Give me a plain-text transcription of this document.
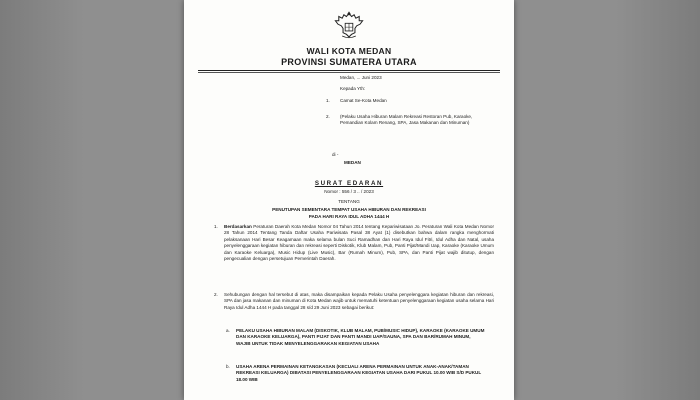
WALI KOTA MEDAN
PROVINSI SUMATERA UTARA
Medan, ... Juni 2023
Kepada Yth:
1. Camat Se-Kota Medan
2. (Pelaku Usaha Hiburan Malam Rekreasi Restoran Pub, Karaoke, Pemandian Kolam Renang, SPA, Jasa Makanan dan Minuman)
di -
MEDAN
SURAT EDARAN
Nomor : 556 / 3 .. / 2023
TENTANG
PENUTUPAN SEMENTARA TEMPAT USAHA HIBURAN DAN REKREASI
PADA HARI RAYA IDUL ADHA 1444 H
1. Berdasarkan Peraturan Daerah Kota Medan Nomor 04 Tahun 2014 tentang Kepariwisataan Jo. Peraturan Wali Kota Medan Nomor 28 Tahun 2014 Tentang Tanda Daftar Usaha Pariwisata Pasal 38 Ayat (1) disebutkan bahwa dalam rangka menghormati pelaksanaan Hari Besar Keagamaan maka selama bulan Suci Ramadhan dan Hari Raya Idul Fitri, Idul Adha dan Natal, usaha penyelenggaraan kegiatan hiburan dan rekreasi seperti Diskotik, Klub Malam, Pub, Panti Pijat/Mandi Uap, Karaoke (Karaoke Umum dan Karaoke Keluarga), Music Hidup (Live Music), Bar (Rumah Minum), Pub, SPA, dan Panti Pijat wajib ditutup, dengan pengecualian dengan persetujuan Pemerintah Daerah.
2. Sehubungan dengan hal tersebut di atas, maka disampaikan kepada Pelaku Usaha penyelenggara kegiatan hiburan dan rekreasi, SPA dan jasa makanan dan minuman di Kota Medan wajib untuk mematuhi ketentuan penyelenggaraan kegiatan usaha selama Hari Raya Idul Adha 1444 H pada tanggal 28 s/d 29 Juni 2023 sebagai berikut:
a. PELAKU USAHA HIBURAN MALAM (DISKOTIK, KLUB MALAM, PUB/MUSIC HIDUP), KARAOKE (KARAOKE UMUM DAN KARAOKE KELUARGA), PANTI PIJAT DAN PANTI MANDI UAP/SAUNA, SPA DAN BAR/RUMAH MINUM, WAJIB UNTUK TIDAK MENYELENGGARAKAN KEGIATAN USAHA
b. USAHA ARENA PERMAINAN KETANGKASAN (KECUALI ARENA PERMAINAN UNTUK ANAK-ANAK/TAMAN REKREASI KELUARGA) DIBATASI PENYELENGGARAAN KEGIATAN USAHA DARI PUKUL 10.00 WIB S/D PUKUL 18.00 WIB
